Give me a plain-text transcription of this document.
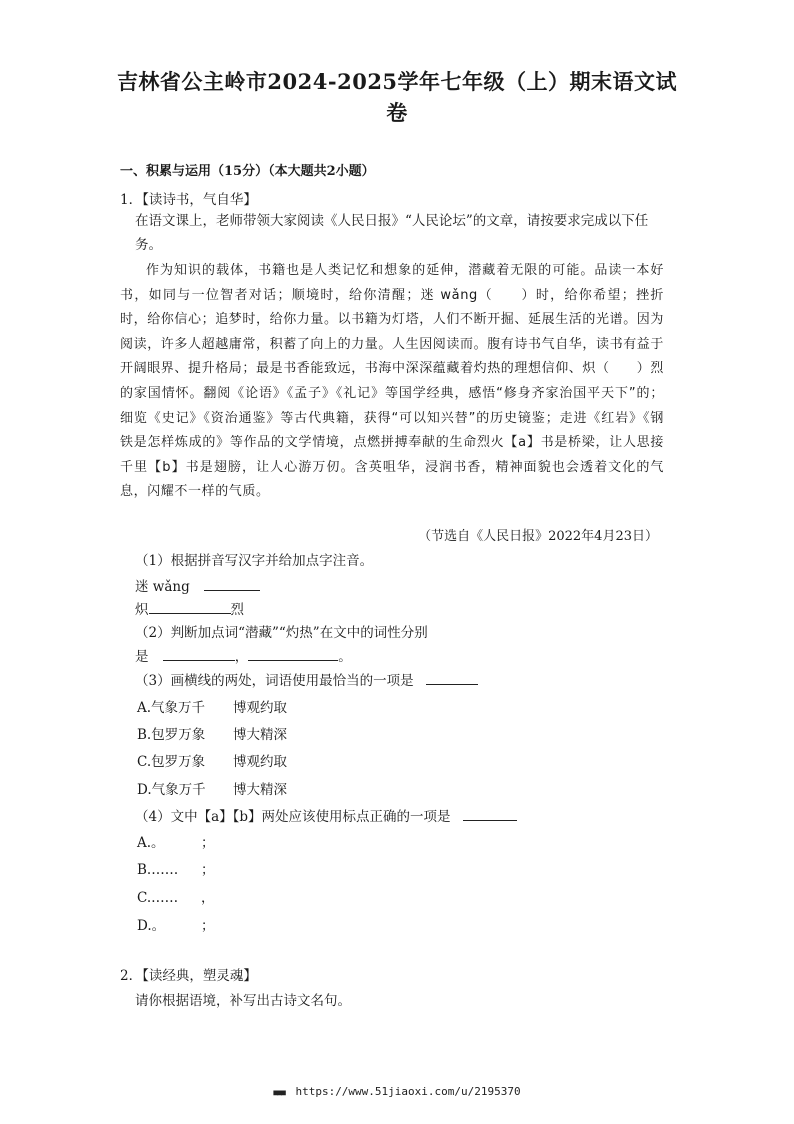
吉林省公主岭市2024-2025学年七年级（上）期末语文试
卷
一、积累与运用（15分）（本大题共2小题）
1．【读诗书，气自华】
在语文课上，老师带领大家阅读《人民日报》“人民论坛”的文章，请按要求完成以下任务。
作为知识的载体，书籍也是人类记忆和想象的延伸，潜藏着无限的可能。品读一本好书，如同与一位智者对话；顺境时，给你清醒；迷 wǎng（　　）时，给你希望；挫折时，给你信心；追梦时，给你力量。以书籍为灯塔，人们不断开掘、延展生活的光谱。因为阅读，许多人超越庸常，积蓄了向上的力量。人生因阅读而。腹有诗书气自华，读书有益于开阔眼界、提升格局；最是书香能致远，书海中深深蕴藏着灼热的理想信仰、炽（　　）烈的家国情怀。翻阅《论语》《孟子》《礼记》等国学经典，感悟“修身齐家治国平天下”的；细览《史记》《资治通鉴》等古代典籍，获得“可以知兴替”的历史镜鉴；走进《红岩》《钢铁是怎样炼成的》等作品的文学情境，点燃拼搏奉献的生命烈火【a】书是桥梁，让人思接千里【b】书是翅膀，让人心游万仞。含英咀华，浸润书香，精神面貌也会透着文化的气息，闪耀不一样的气质。
（节选自《人民日报》2022年4月23日）
（1）根据拼音写汉字并给加点字注音。
迷 wǎng
炽	烈
（2）判断加点词“潜藏”“灼热”在文中的词性分别
是	，	。
（3）画横线的两处，词语使用最恰当的一项是
A.气象万千 博观约取
B.包罗万象 博大精深
C.包罗万象 博观约取
D.气象万千 博大精深
（4）文中【a】【b】两处应该使用标点正确的一项是
A.。	；
B.…… ；
C.…… ，
D.。	；
2．【读经典，塑灵魂】
请你根据语境，补写出古诗文名句。
■■■ https://www.51jiaoxi.com/u/2195370
